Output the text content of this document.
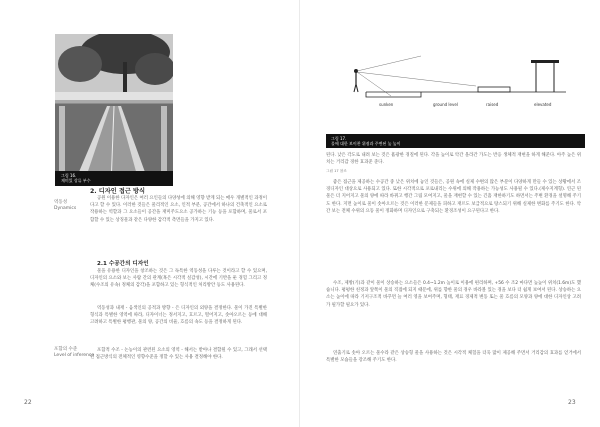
그림 16.
재미있 상류 부수
역동성
Dynamics
2. 디자인 접근 방식
공원 이용한 다자인은 여러 요인들의 다양성에 의해 영향 받게 되는 매우 개별적인 과정이다고 할 수 있다. 이러한 것들은 물리적인 요소, 인적 부분, 공간에서 하나의 건축적인 요소로 작용하는 역할과 그 요소들이 공간을 재미주도요소 공가하는 기능 등을 포함하며, 물로서 포함할 수 있는 상징물과 같은 다양한 감각적 측면들을 가지고 있다.
2.1 수공간의 디자인
물을 유용한 디자인을 창조하는 것은 그 독특한 역동성을 다루는 것이라고 할 수 있으며, 디자인의 요소와 보는 사람 간의 관계(혹은 시각적 실감성), 시간에 기반을 둔 경험 그리고 정체(수조의 유속) 정체의 감각)을 포함하고 있는 형식적인 처리방안 등도 사용된다.
역동성과 내재 - 음색인의 공적과 방향 - 은 디자인의 외양을 결정한다. 물이 가진 특별한 형식과 특별한 영역에 따라, 디자이너는 정서지고, 흐르고, 떨어지고, 솟아오르는 등에 대해 고려하고 특별한 평행관, 물의 양, 공간의 비율, 흐름의 속도 등을 결정하게 된다.
포함의 수준
Level of inference
포함적 수조 - 논농이의 관련된 요소의 영역 - 해서는 받아나 결합될 수 있고, 그래서 선택된 접근방식의 전체적인 영향수준을 정할 수 있는 사용 결정해야 한다.
22
sunken	ground level	raised	elevated
그림 17.
물에 대한 보이찬 위점과 주변된 높 높이
된다. 낮은 각도로 내려 보는 것은 흡광한 경질에 된다. 각을 높이로 악간 올라간 가도는 반응 생체적 재현을 하게 해준다. 아주 높은 위치는 거리감 경한 효과준 준다.
그림 17 참조
좋은 접근을 제공하는 수공간 중 낮은 위치에 놓인 것들은, 공원 속에 실제 수변의 많은 부분이 다양하게 만들 수 있는 상황에서 조경디자인 대상으로 사용되고 있다. 또한 시각적으로 포로내리는 수위에 의해 작용하는 가능성도 사용될 수 있다.(제수지계형). 연근 된 물은 더 지어지고 물의 양에 따라 바뀌고 행간 그림 모여지고, 물을 재현할 수 있는 긴흡 재한하기도 하면서는 주변 환경을 설명해 주기도 한다. 지면 높이로 물이 솟아오르는 것은 이러한 문제들을 피하고 재르도 보급적으로 탕스되기 위해 실제한 변화를 주기도 한다. 악간 보는 전체 수위의 요동 물이 정화하며 디자인으로 구축되는 환경조성이 요구된다고 한다.
수조, 제방(기)과 같이 물이 상승하는 요소들은 0.4~1.2m 높이로 이용에 편리하며, +56 수 조2 마다면 높높이 위치(1.6m)도 했습니다. 평평한 친정과 앞쪽이 물의 직접에 되지 때문에, 위를 향한 물의 경우 바라볼 있는 경을 보다 더 쉽게 보여서 된다. 상승하는 요소는 높이에 따라 기저구조적 바꾸면 늘 여러 영을 보여주며, 형태, 재료 경제적 변동 또는 물 흐름의 모양과 양에 대한 디자인상 고려가 필가할 필요가 있다.
연출기로 솟아 오르는 물수라 같은 상승형 물을 사용하는 것은 시각적 체험을 더욱 많이 제공해 주면서 거리감의 효과를 얻거에서 특별한 모습들을 강조해 주기도 한다.
23
